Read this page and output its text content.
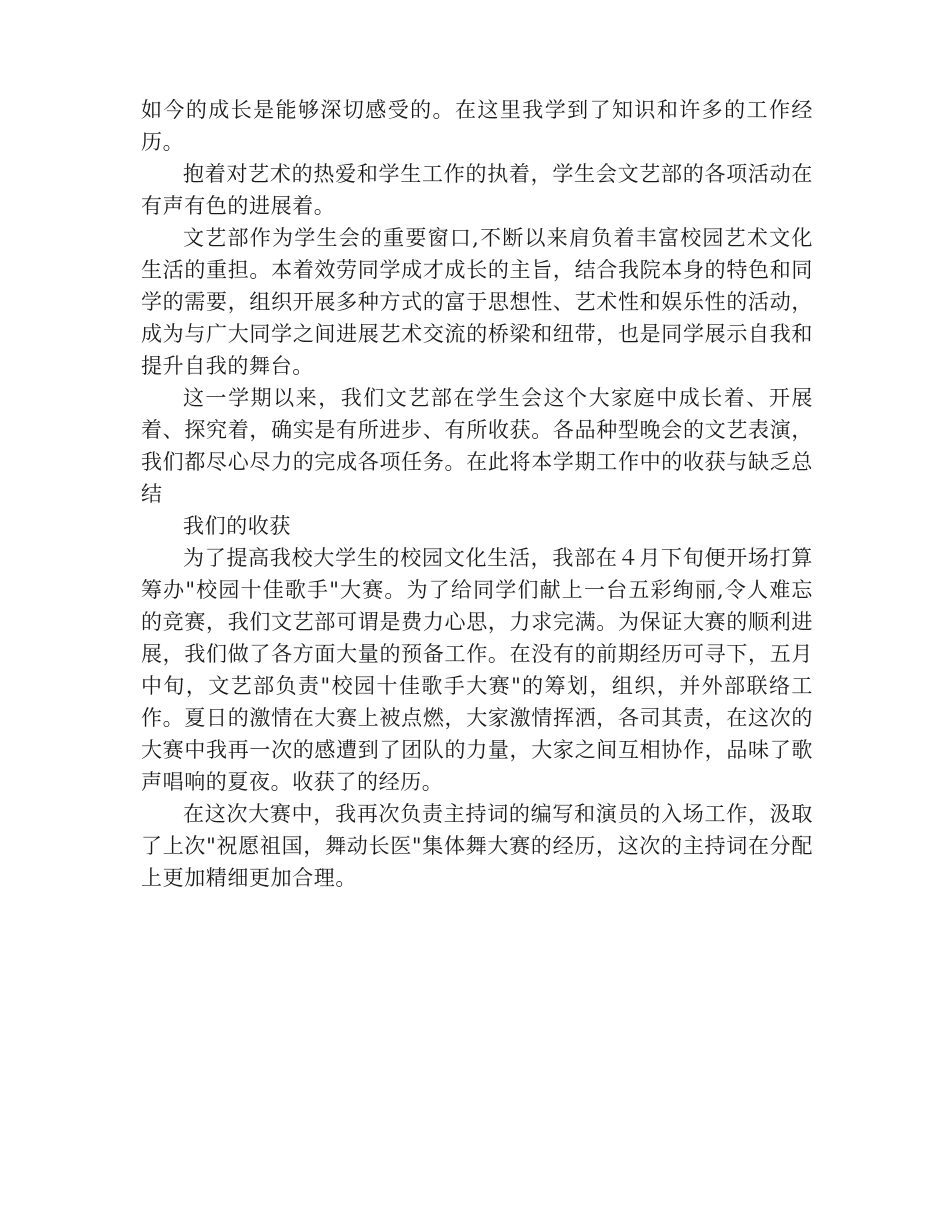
如今的成长是能够深切感受的。在这里我学到了知识和许多的工作经历。

抱着对艺术的热爱和学生工作的执着，学生会文艺部的各项活动在有声有色的进展着。

文艺部作为学生会的重要窗口,不断以来肩负着丰富校园艺术文化生活的重担。本着效劳同学成才成长的主旨，结合我院本身的特色和同学的需要，组织开展多种方式的富于思想性、艺术性和娱乐性的活动，成为与广大同学之间进展艺术交流的桥梁和纽带，也是同学展示自我和提升自我的舞台。

这一学期以来，我们文艺部在学生会这个大家庭中成长着、开展着、探究着，确实是有所进步、有所收获。各品种型晚会的文艺表演，我们都尽心尽力的完成各项任务。在此将本学期工作中的收获与缺乏总结

我们的收获

为了提高我校大学生的校园文化生活，我部在４月下旬便开场打算筹办"校园十佳歌手"大赛。为了给同学们献上一台五彩绚丽,令人难忘的竞赛，我们文艺部可谓是费力心思，力求完满。为保证大赛的顺利进展，我们做了各方面大量的预备工作。在没有的前期经历可寻下，五月中旬，文艺部负责"校园十佳歌手大赛"的筹划，组织，并外部联络工作。夏日的激情在大赛上被点燃，大家激情挥洒，各司其责，在这次的大赛中我再一次的感遭到了团队的力量，大家之间互相协作，品味了歌声唱响的夏夜。收获了的经历。

在这次大赛中，我再次负责主持词的编写和演员的入场工作，汲取了上次"祝愿祖国，舞动长医"集体舞大赛的经历，这次的主持词在分配上更加精细更加合理。
